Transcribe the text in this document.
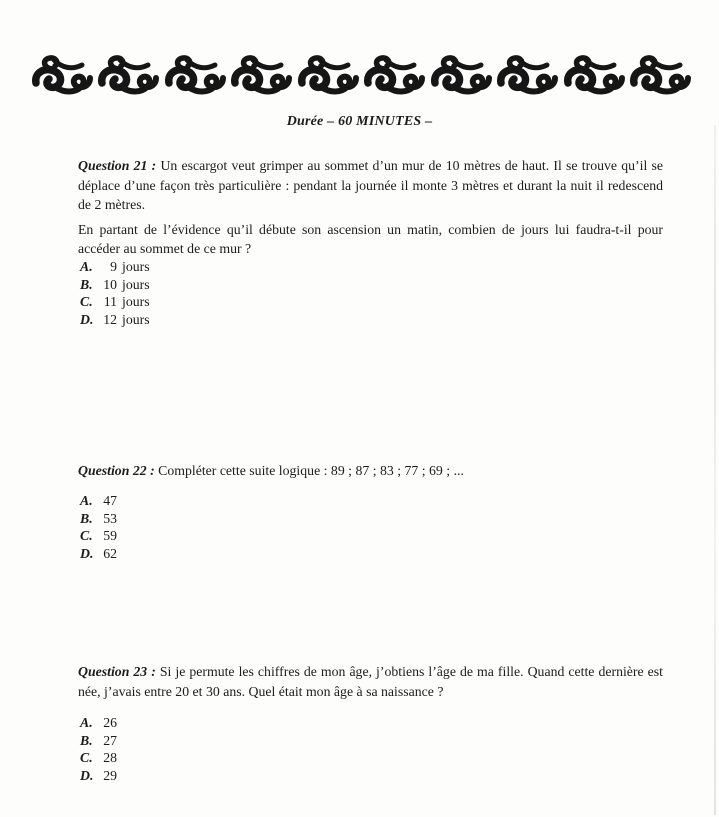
Durée – 60 MINUTES –

Question 21 : Un escargot veut grimper au sommet d’un mur de 10 mètres de haut. Il se trouve qu’il se déplace d’une façon très particulière : pendant la journée il monte 3 mètres et durant la nuit il redescend de 2 mètres.

En partant de l’évidence qu’il débute son ascension un matin, combien de jours lui faudra-t-il pour accéder au sommet de ce mur ?

A.	9 jours
B. 10 jours
C. 11 jours
D. 12 jours

Question 22 : Compléter cette suite logique : 89 ; 87 ; 83 ; 77 ; 69 ; ...

A. 47
B. 53
C. 59
D. 62

Question 23 : Si je permute les chiffres de mon âge, j’obtiens l’âge de ma fille. Quand cette dernière est née, j’avais entre 20 et 30 ans. Quel était mon âge à sa naissance ?

A. 26
B. 27
C. 28
D. 29
